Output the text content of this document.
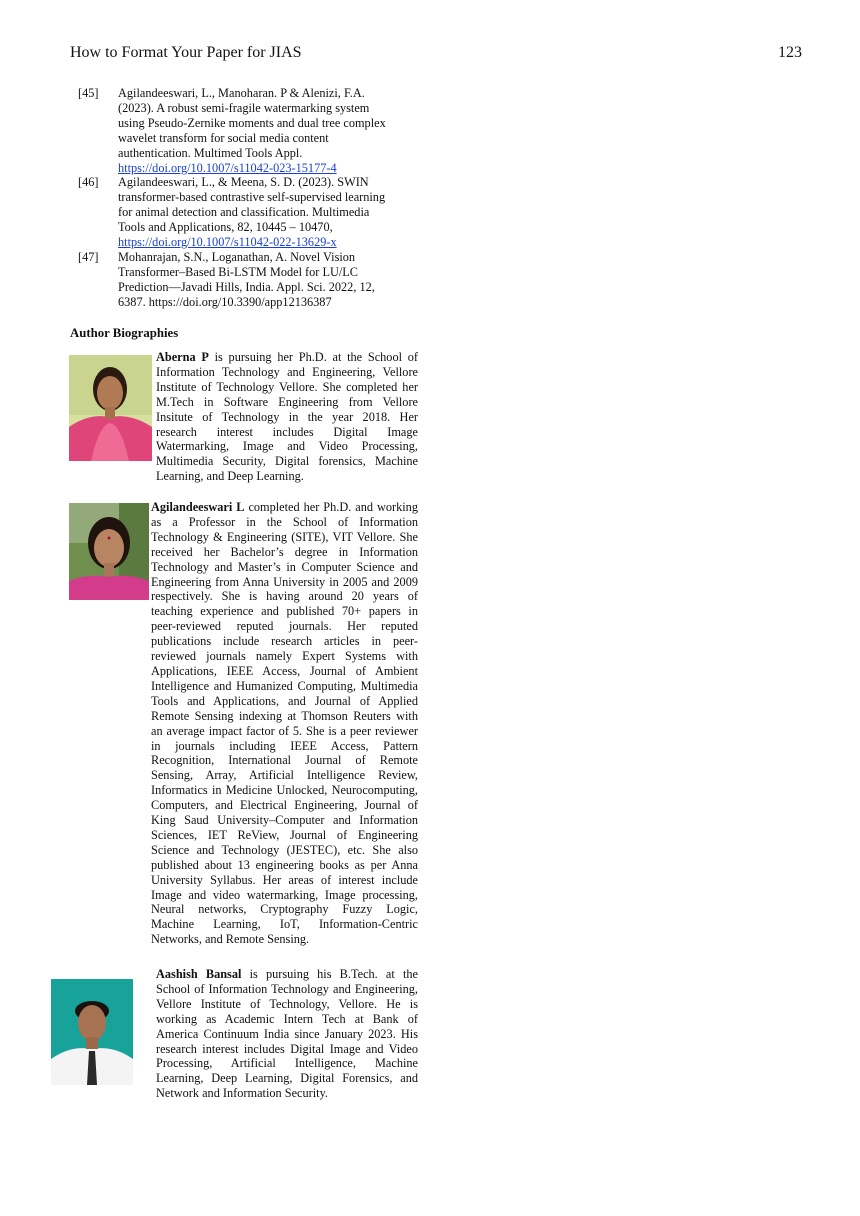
How to Format Your Paper for JIAS	123
[45]	Agilandeeswari, L., Manoharan. P & Alenizi, F.A. (2023). A robust semi-fragile watermarking system using Pseudo-Zernike moments and dual tree complex wavelet transform for social media content authentication. Multimed Tools Appl. https://doi.org/10.1007/s11042-023-15177-4
[46]	Agilandeeswari, L., & Meena, S. D. (2023). SWIN transformer-based contrastive self-supervised learning for animal detection and classification. Multimedia Tools and Applications, 82, 10445 – 10470, https://doi.org/10.1007/s11042-022-13629-x
[47]	Mohanrajan, S.N., Loganathan, A. Novel Vision Transformer–Based Bi-LSTM Model for LU/LC Prediction—Javadi Hills, India. Appl. Sci. 2022, 12, 6387. https://doi.org/10.3390/app12136387
Author Biographies
Aberna P is pursuing her Ph.D. at the School of Information Technology and Engineering, Vellore Institute of Technology Vellore. She completed her M.Tech in Software Engineering from Vellore Insitute of Technology in the year 2018. Her research interest includes Digital Image Watermarking, Image and Video Processing, Multimedia Security, Digital forensics, Machine Learning, and Deep Learning.
Agilandeeswari L completed her Ph.D. and working as a Professor in the School of Information Technology & Engineering (SITE), VIT Vellore. She received her Bachelor’s degree in Information Technology and Master’s in Computer Science and Engineering from Anna University in 2005 and 2009 respectively. She is having around 20 years of teaching experience and published 70+ papers in peer-reviewed reputed journals. Her reputed publications include research articles in peer-reviewed journals namely Expert Systems with Applications, IEEE Access, Journal of Ambient Intelligence and Humanized Computing, Multimedia Tools and Applications, and Journal of Applied Remote Sensing indexing at Thomson Reuters with an average impact factor of 5. She is a peer reviewer in journals including IEEE Access, Pattern Recognition, International Journal of Remote Sensing, Array, Artificial Intelligence Review, Informatics in Medicine Unlocked, Neurocomputing, Computers, and Electrical Engineering, Journal of King Saud University–Computer and Information Sciences, IET ReView, Journal of Engineering Science and Technology (JESTEC), etc. She also published about 13 engineering books as per Anna University Syllabus. Her areas of interest include Image and video watermarking, Image processing, Neural networks, Cryptography Fuzzy Logic, Machine Learning, IoT, Information-Centric Networks, and Remote Sensing.
Aashish Bansal is pursuing his B.Tech. at the School of Information Technology and Engineering, Vellore Institute of Technology, Vellore. He is working as Academic Intern Tech at Bank of America Continuum India since January 2023. His research interest includes Digital Image and Video Processing, Artificial Intelligence, Machine Learning, Deep Learning, Digital Forensics, and Network and Information Security.
